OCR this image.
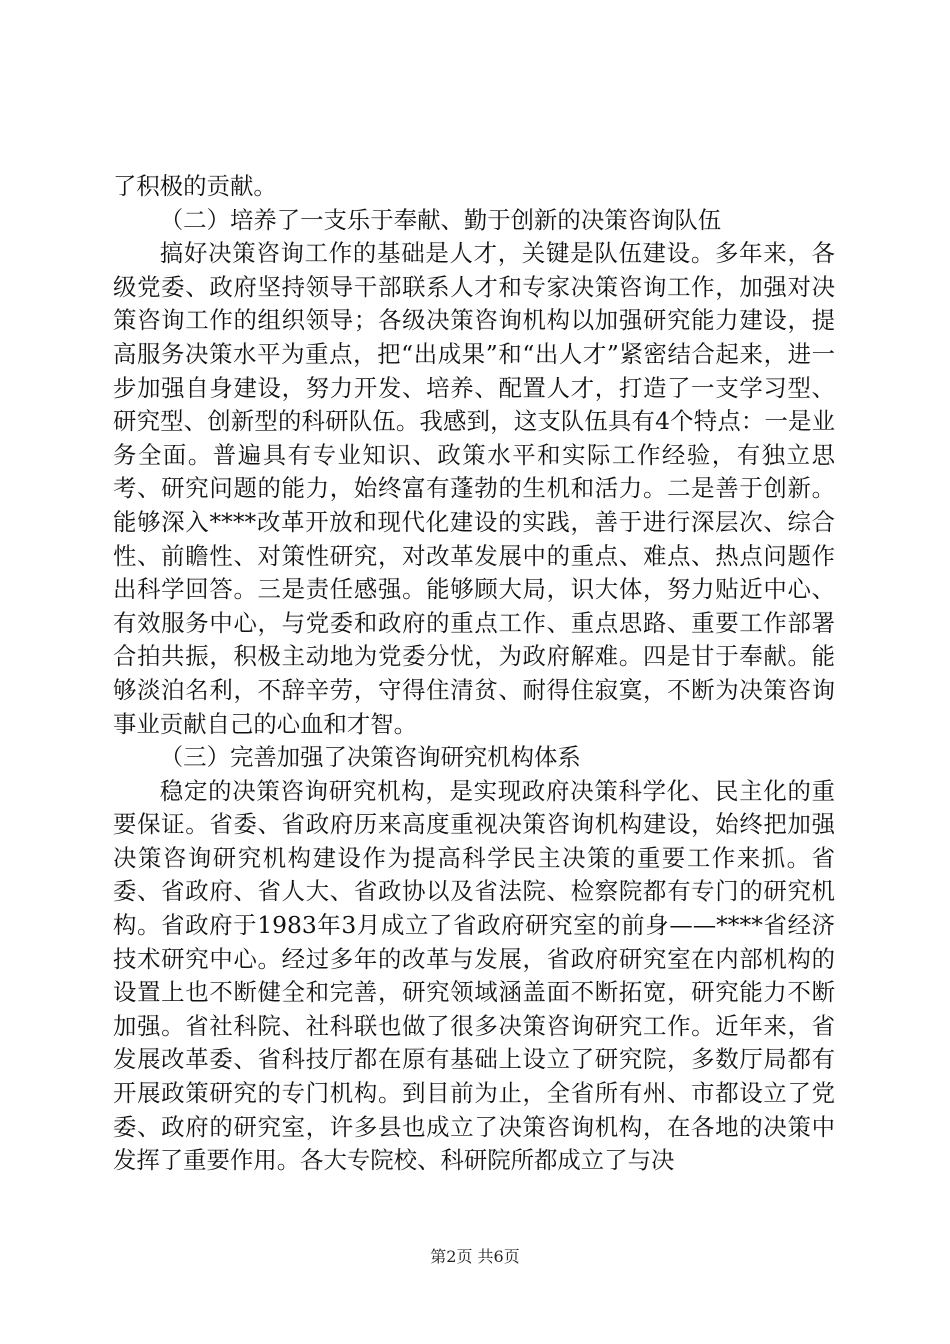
了积极的贡献。

（二）培养了一支乐于奉献、勤于创新的决策咨询队伍

搞好决策咨询工作的基础是人才，关键是队伍建设。多年来，各级党委、政府坚持领导干部联系人才和专家决策咨询工作，加强对决策咨询工作的组织领导；各级决策咨询机构以加强研究能力建设，提高服务决策水平为重点，把“出成果”和“出人才”紧密结合起来，进一步加强自身建设，努力开发、培养、配置人才，打造了一支学习型、研究型、创新型的科研队伍。我感到，这支队伍具有4个特点：一是业务全面。普遍具有专业知识、政策水平和实际工作经验，有独立思考、研究问题的能力，始终富有蓬勃的生机和活力。二是善于创新。能够深入****改革开放和现代化建设的实践，善于进行深层次、综合性、前瞻性、对策性研究，对改革发展中的重点、难点、热点问题作出科学回答。三是责任感强。能够顾大局，识大体，努力贴近中心、有效服务中心，与党委和政府的重点工作、重点思路、重要工作部署合拍共振，积极主动地为党委分忧，为政府解难。四是甘于奉献。能够淡泊名利，不辞辛劳，守得住清贫、耐得住寂寞，不断为决策咨询事业贡献自己的心血和才智。

（三）完善加强了决策咨询研究机构体系

稳定的决策咨询研究机构，是实现政府决策科学化、民主化的重要保证。省委、省政府历来高度重视决策咨询机构建设，始终把加强决策咨询研究机构建设作为提高科学民主决策的重要工作来抓。省委、省政府、省人大、省政协以及省法院、检察院都有专门的研究机构。省政府于1983年3月成立了省政府研究室的前身——****省经济技术研究中心。经过多年的改革与发展，省政府研究室在内部机构的设置上也不断健全和完善，研究领域涵盖面不断拓宽，研究能力不断加强。省社科院、社科联也做了很多决策咨询研究工作。近年来，省发展改革委、省科技厅都在原有基础上设立了研究院，多数厅局都有开展政策研究的专门机构。到目前为止，全省所有州、市都设立了党委、政府的研究室，许多县也成立了决策咨询机构，在各地的决策中发挥了重要作用。各大专院校、科研院所都成立了与决

第2页 共6页
